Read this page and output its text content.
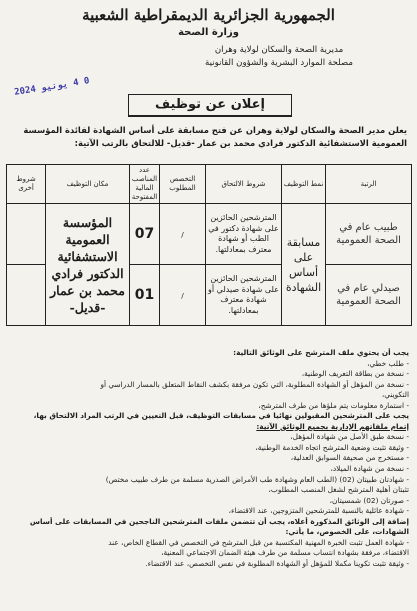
الجمهورية الجزائرية الديمقراطية الشعبية
وزارة الصحة
مديرية الصحة والسكان لولاية وهران
مصلحة الموارد البشرية والشؤون القانونية
0 4 يونيو 2024
إعلان عن توظيف
يعلن مدير الصحة والسكان لولاية وهران عن فتح مسابقة على أساس الشهادة لفائدة المؤسسة
العمومية الاستشفائية الدكتور فرادي محمد بن عمار -قديل- للالتحاق بالرتب الآتية:
الرتبة	نمط التوظيف	شروط الالتحاق	التخصص المطلوب	عدد المناصب المالية المفتوحة	مكان التوظيف	شروط أخرى
طبيب عام في الصحة العمومية	مسابقة على أساس الشهادة	المترشحين الحائزين على شهادة دكتور في الطب أو شهادة معترف بمعادلتها.	/	07	المؤسسة العمومية الاستشفائية الدكتور فرادي محمد بن عمار -قديل-	
صيدلي عام في الصحة العمومية		المترشحين الحائزين على شهادة صيدلي أو شهادة معترف بمعادلتها.	/	01		
يجب أن يحتوي ملف المترشح على الوثائق التالية:
- طلب خطي،
- نسخة من بطاقة التعريف الوطنية،
- نسخة من المؤهل أو الشهادة المطلوبة، التي تكون مرفقة بكشف النقاط المتعلق بالمسار الدراسي أو
التكويني،
- استمارة معلومات يتم ملؤها من طرف المترشح،
يجب على المترشحين المقبولين نهائيا في مسابقات التوظيف، قبل التعيين في الرتب المراد الالتحاق بها،
إتمام ملفاتهم الإدارية بجميع الوثائق الآتية:
- نسخة طبق الأصل من شهادة المؤهل،
- وثيقة تثبت وضعية المترشح اتجاه الخدمة الوطنية،
- مستخرج من صحيفة السوابق العدلية،
- نسخة من شهادة الميلاد،
- شهادتان طبيتان (02) (الطب العام وشهادة طب الأمراض الصدرية مسلمة من طرف طبيب مختص)
تثبتان أهلية المترشح لشغل المنصب المطلوب،
- صورتان (02) شمسيتان،
- شهادة عائلية بالنسبة للمترشحين المتزوجين، عند الاقتضاء،
إضافة إلى الوثائق المذكورة أعلاه، يجب أن تتضمن ملفات المترشحين الناجحين في المسابقات على أساس
الشهادات، على الخصوص، ما يأتي:
- شهادة العمل تثبت الخبرة المهنية المكتسبة من قبل المترشح في التخصص في القطاع الخاص، عند
الاقتضاء، مرفقة بشهادة انتساب مسلمة من طرف هيئة الضمان الاجتماعي المعنية،
- وثيقة تثبت تكوينا مكملا للمؤهل أو الشهادة المطلوبة في نفس التخصص، عند الاقتضاء.
